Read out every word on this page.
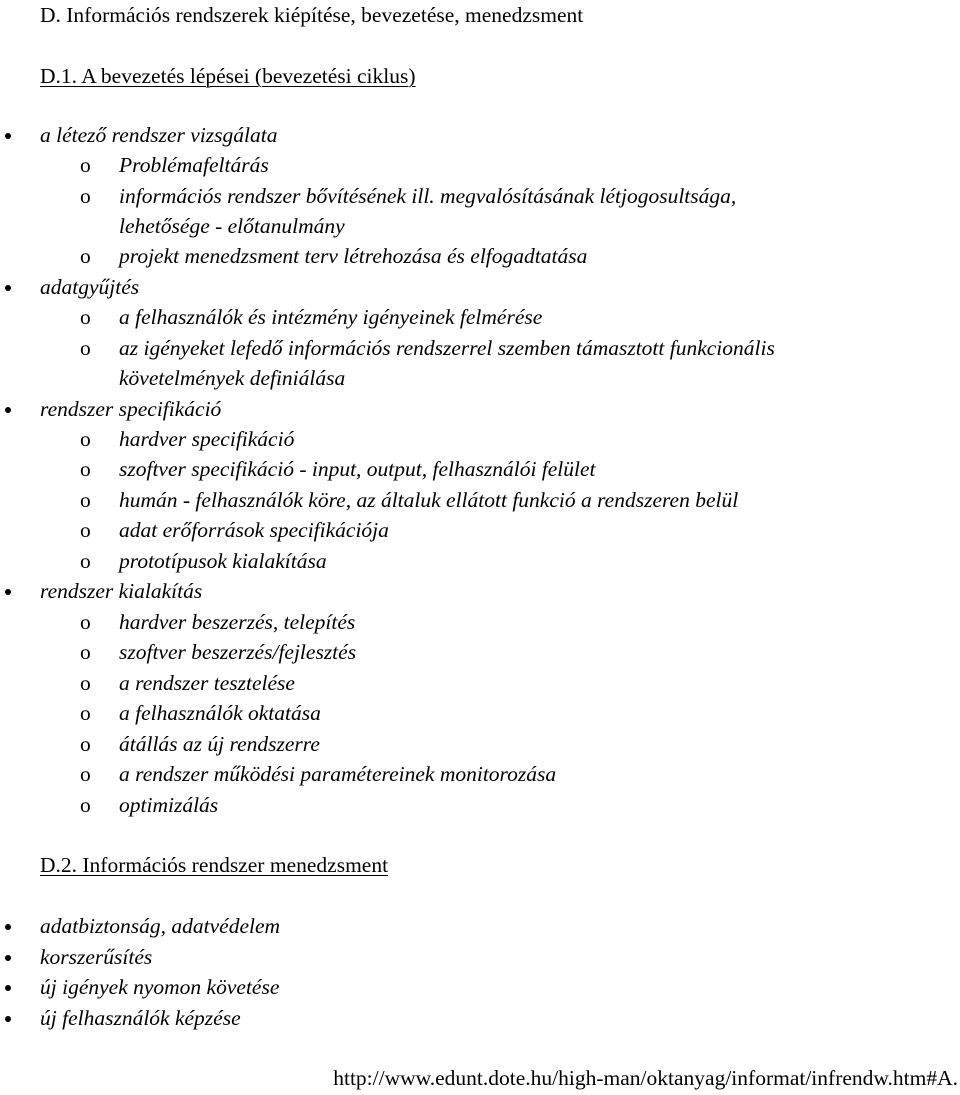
D. Információs rendszerek kiépítése, bevezetése, menedzsment
D.1. A bevezetés lépései (bevezetési ciklus)
a létező rendszer vizsgálata
o Problémafeltárás
o információs rendszer bővítésének ill. megvalósításának létjogosultsága,
lehetősége - előtanulmány
o projekt menedzsment terv létrehozása és elfogadtatása
adatgyűjtés
o a felhasználók és intézmény igényeinek felmérése
o az igényeket lefedő információs rendszerrel szemben támasztott funkcionális
követelmények definiálása
rendszer specifikáció
o hardver specifikáció
o szoftver specifikáció - input, output, felhasználói felület
o humán - felhasználók köre, az általuk ellátott funkció a rendszeren belül
o adat erőforrások specifikációja
o prototípusok kialakítása
rendszer kialakítás
o hardver beszerzés, telepítés
o szoftver beszerzés/fejlesztés
o a rendszer tesztelése
o a felhasználók oktatása
o átállás az új rendszerre
o a rendszer működési paramétereinek monitorozása
o optimizálás
D.2. Információs rendszer menedzsment
adatbiztonság, adatvédelem
korszerűsítés
új igények nyomon követése
új felhasználók képzése
http://www.edunt.dote.hu/high-man/oktanyag/informat/infrendw.htm#A.
